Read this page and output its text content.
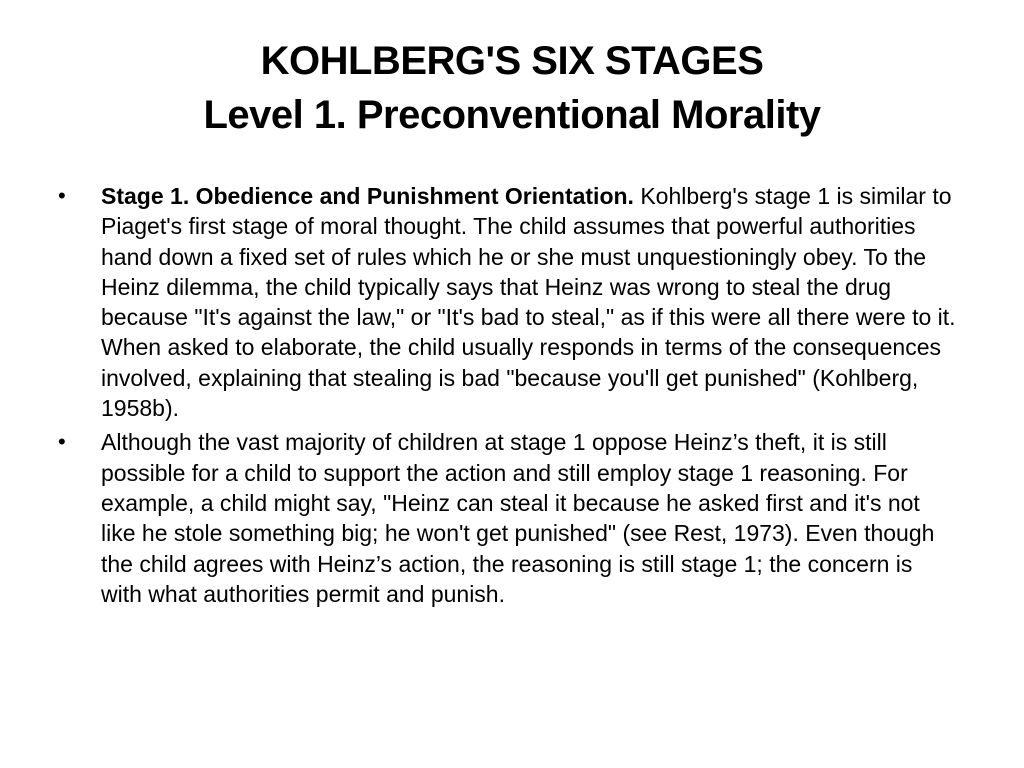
KOHLBERG'S SIX STAGES
Level 1. Preconventional Morality
• Stage 1. Obedience and Punishment Orientation. Kohlberg's stage 1 is similar to Piaget's first stage of moral thought. The child assumes that powerful authorities hand down a fixed set of rules which he or she must unquestioningly obey. To the Heinz dilemma, the child typically says that Heinz was wrong to steal the drug because "It's against the law," or "It's bad to steal," as if this were all there were to it. When asked to elaborate, the child usually responds in terms of the consequences involved, explaining that stealing is bad "because you'll get punished" (Kohlberg, 1958b).
• Although the vast majority of children at stage 1 oppose Heinz’s theft, it is still possible for a child to support the action and still employ stage 1 reasoning. For example, a child might say, "Heinz can steal it because he asked first and it's not like he stole something big; he won't get punished" (see Rest, 1973). Even though the child agrees with Heinz’s action, the reasoning is still stage 1; the concern is with what authorities permit and punish.
